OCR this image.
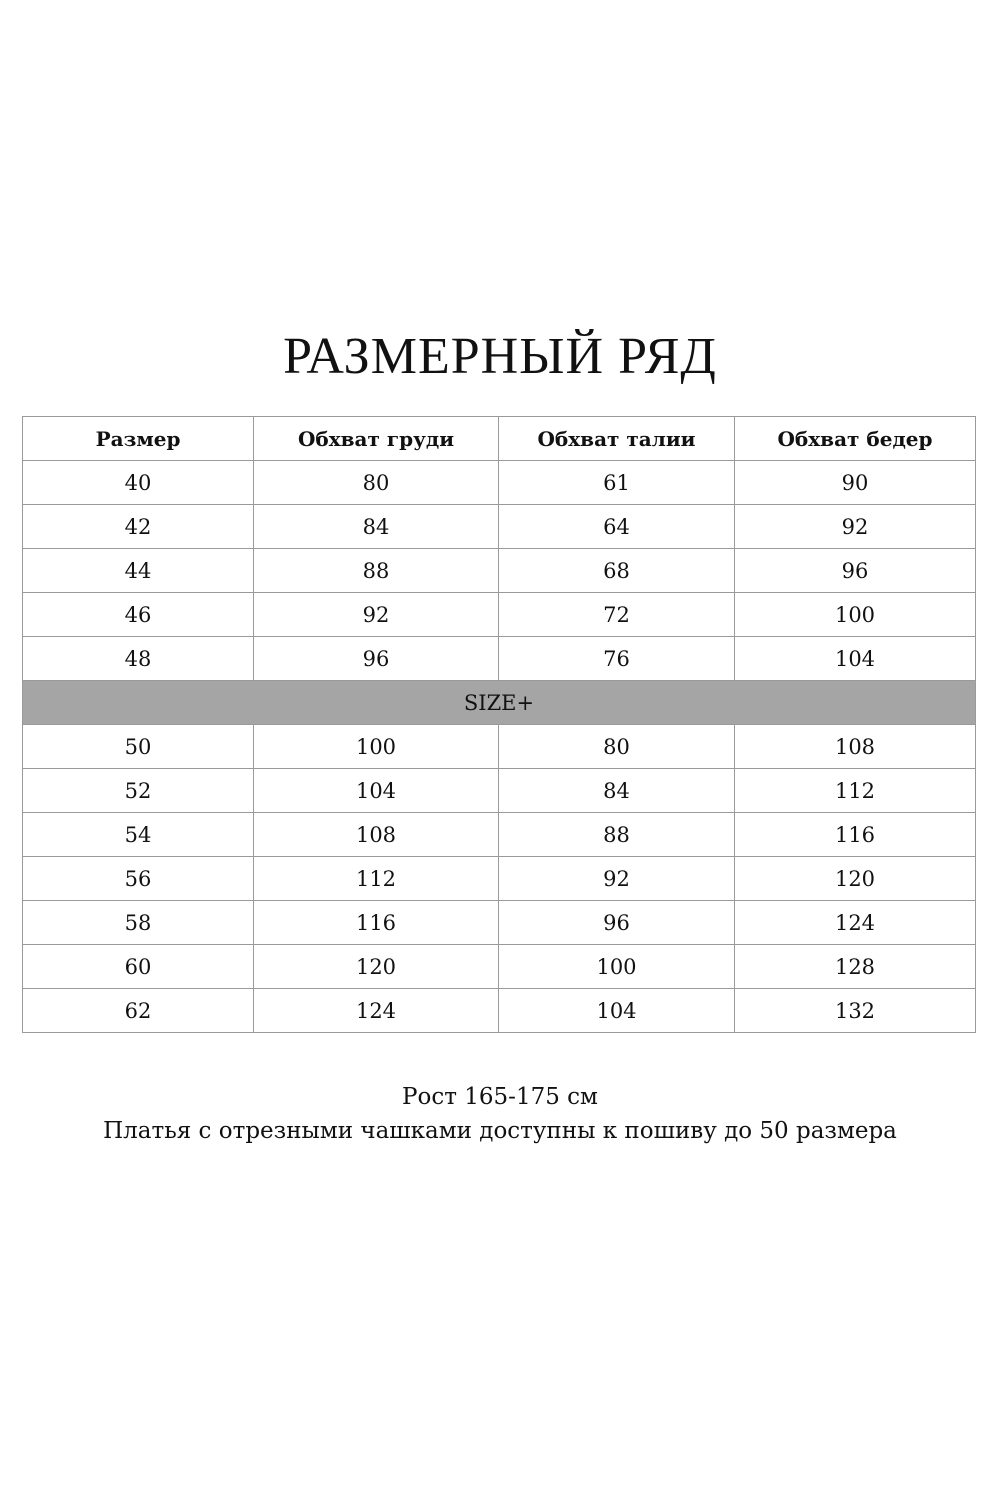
РАЗМЕРНЫЙ РЯД
Размер	Обхват груди	Обхват талии	Обхват бедер
40	80	61	90
42	84	64	92
44	88	68	96
46	92	72	100
48	96	76	104
SIZE+			
50	100	80	108
52	104	84	112
54	108	88	116
56	112	92	120
58	116	96	124
60	120	100	128
62	124	104	132
Рост 165-175 см
Платья с отрезными чашками доступны к пошиву до 50 размера
